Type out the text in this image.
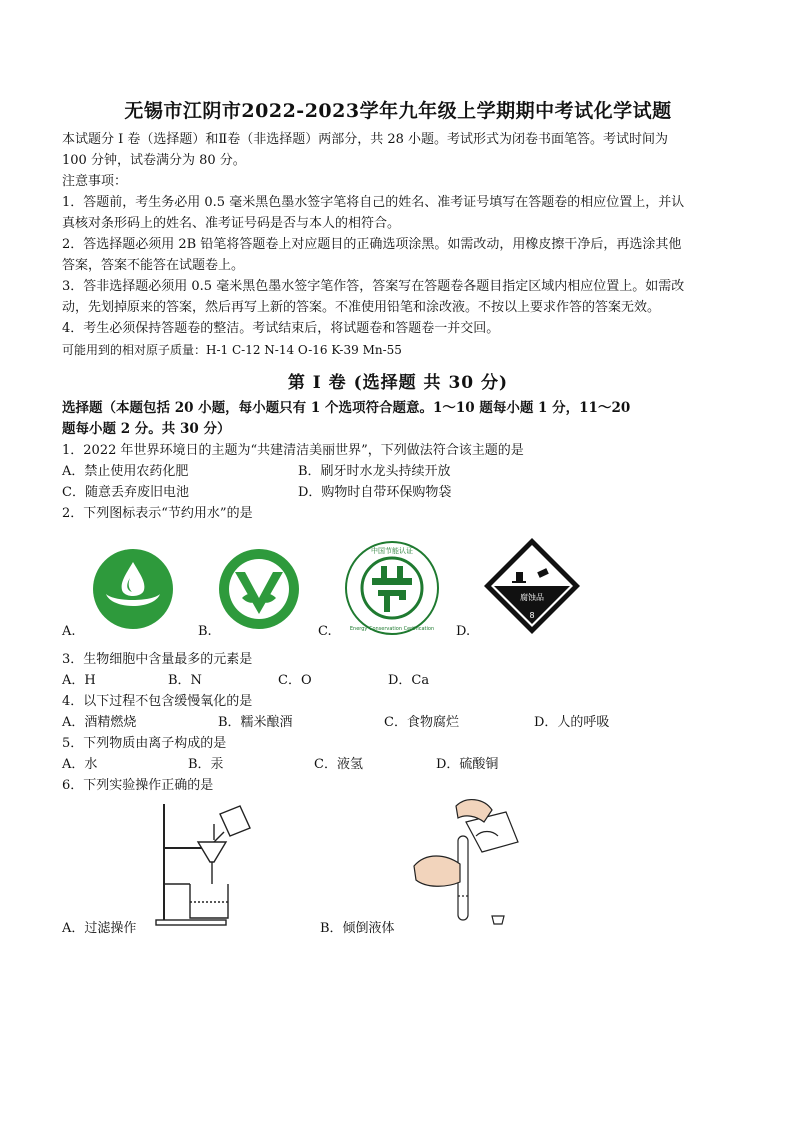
无锡市江阴市2022-2023学年九年级上学期期中考试化学试题
本试题分 I 卷（选择题）和Ⅱ卷（非选择题）两部分，共 28 小题。考试形式为闭卷书面笔答。考试时间为
100 分钟，试卷满分为 80 分。
注意事项：
1．答题前，考生务必用 0.5 毫米黑色墨水签字笔将自己的姓名、准考证号填写在答题卷的相应位置上，并认
真核对条形码上的姓名、准考证号码是否与本人的相符合。
2．答选择题必须用 2B 铅笔将答题卷上对应题目的正确选项涂黑。如需改动，用橡皮擦干净后，再选涂其他
答案，答案不能答在试题卷上。
3．答非选择题必须用 0.5 毫米黑色墨水签字笔作答，答案写在答题卷各题目指定区域内相应位置上。如需改
动，先划掉原来的答案，然后再写上新的答案。不准使用铅笔和涂改液。不按以上要求作答的答案无效。
4．考生必须保持答题卷的整洁。考试结束后，将试题卷和答题卷一并交回。
可能用到的相对原子质量：H-1 C-12 N-14 O-16 K-39 Mn-55
第 Ⅰ 卷 (选择题 共 30 分)
选择题（本题包括 20 小题，每小题只有 1 个选项符合题意。1～10 题每小题 1 分，11～20
题每小题 2 分。共 30 分）
1．2022 年世界环境日的主题为“共建清洁美丽世界”，下列做法符合该主题的是
A．禁止使用农药化肥	B．刷牙时水龙头持续开放
C．随意丢弃废旧电池	D．购物时自带环保购物袋
2．下列图标表示“节约用水”的是
A.	B.
中国节能认证
Energy Conservation Certification
C.
腐蚀品
8
D.
3．生物细胞中含量最多的元素是
A．H	B．N	C．O	D．Ca
4．以下过程不包含缓慢氧化的是
A．酒精燃烧	B．糯米酿酒	C．食物腐烂	D．人的呼吸
5．下列物质由离子构成的是
A．水	B．汞	C．液氢	D．硫酸铜
6．下列实验操作正确的是
A．过滤操作	B．倾倒液体
